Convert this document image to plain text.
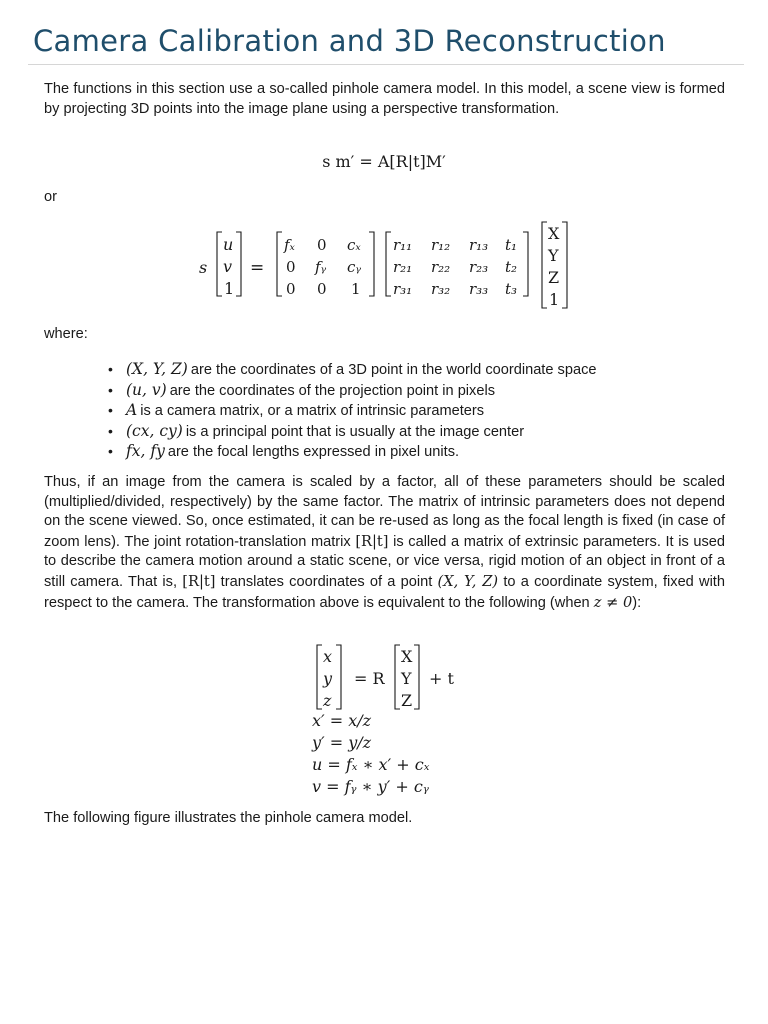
Camera Calibration and 3D Reconstruction

The functions in this section use a so-called pinhole camera model. In this model, a scene view is formed by projecting 3D points into the image plane using a perspective transformation.

s m′ = A[R|t]M′
or
s
u
v
1
=
fₓ 0 cₓ
0 fᵧ cᵧ
0 0 1
r₁₁ r₁₂ r₁₃ t₁
r₂₁ r₂₂ r₂₃ t₂
r₃₁ r₃₂ r₃₃ t₃
X
Y
Z
1
where:
• (X, Y, Z) are the coordinates of a 3D point in the world coordinate space
• (u, v) are the coordinates of the projection point in pixels
• A is a camera matrix, or a matrix of intrinsic parameters
• (cx, cy) is a principal point that is usually at the image center
• fx, fy are the focal lengths expressed in pixel units.

Thus, if an image from the camera is scaled by a factor, all of these parameters should be scaled (multiplied/divided, respectively) by the same factor. The matrix of intrinsic parameters does not depend on the scene viewed. So, once estimated, it can be re-used as long as the focal length is fixed (in case of zoom lens). The joint rotation-translation matrix [R|t] is called a matrix of extrinsic parameters. It is used to describe the camera motion around a static scene, or vice versa, rigid motion of an object in front of a still camera. That is, [R|t] translates coordinates of a point (X, Y, Z) to a coordinate system, fixed with respect to the camera. The transformation above is equivalent to the following (when z ≠ 0):

x
y
z
= R
X
Y
Z
+ t
x′ = x/z
y′ = y/z
u = fₓ ∗ x′ + cₓ
v = fᵧ ∗ y′ + cᵧ
The following figure illustrates the pinhole camera model.
